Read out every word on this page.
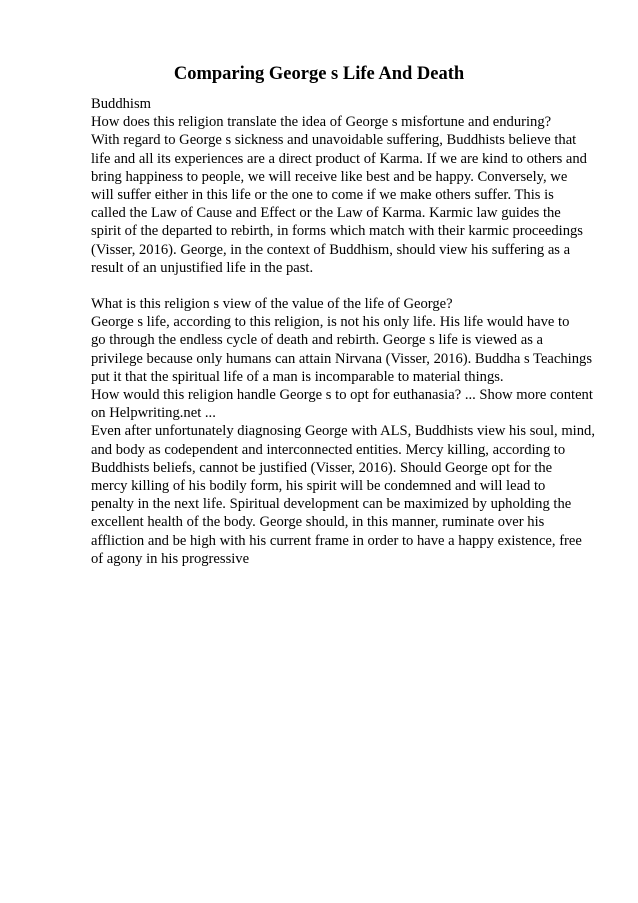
Comparing George s Life And Death
Buddhism
How does this religion translate the idea of George s misfortune and enduring?
With regard to George s sickness and unavoidable suffering, Buddhists believe that
life and all its experiences are a direct product of Karma. If we are kind to others and
bring happiness to people, we will receive like best and be happy. Conversely, we
will suffer either in this life or the one to come if we make others suffer. This is
called the Law of Cause and Effect or the Law of Karma. Karmic law guides the
spirit of the departed to rebirth, in forms which match with their karmic proceedings
(Visser, 2016). George, in the context of Buddhism, should view his suffering as a
result of an unjustified life in the past.
What is this religion s view of the value of the life of George?
George s life, according to this religion, is not his only life. His life would have to
go through the endless cycle of death and rebirth. George s life is viewed as a
privilege because only humans can attain Nirvana (Visser, 2016). Buddha s Teachings
put it that the spiritual life of a man is incomparable to material things.
How would this religion handle George s to opt for euthanasia? ... Show more content
on Helpwriting.net ...
Even after unfortunately diagnosing George with ALS, Buddhists view his soul, mind,
and body as codependent and interconnected entities. Mercy killing, according to
Buddhists beliefs, cannot be justified (Visser, 2016). Should George opt for the
mercy killing of his bodily form, his spirit will be condemned and will lead to
penalty in the next life. Spiritual development can be maximized by upholding the
excellent health of the body. George should, in this manner, ruminate over his
affliction and be high with his current frame in order to have a happy existence, free
of agony in his progressive
